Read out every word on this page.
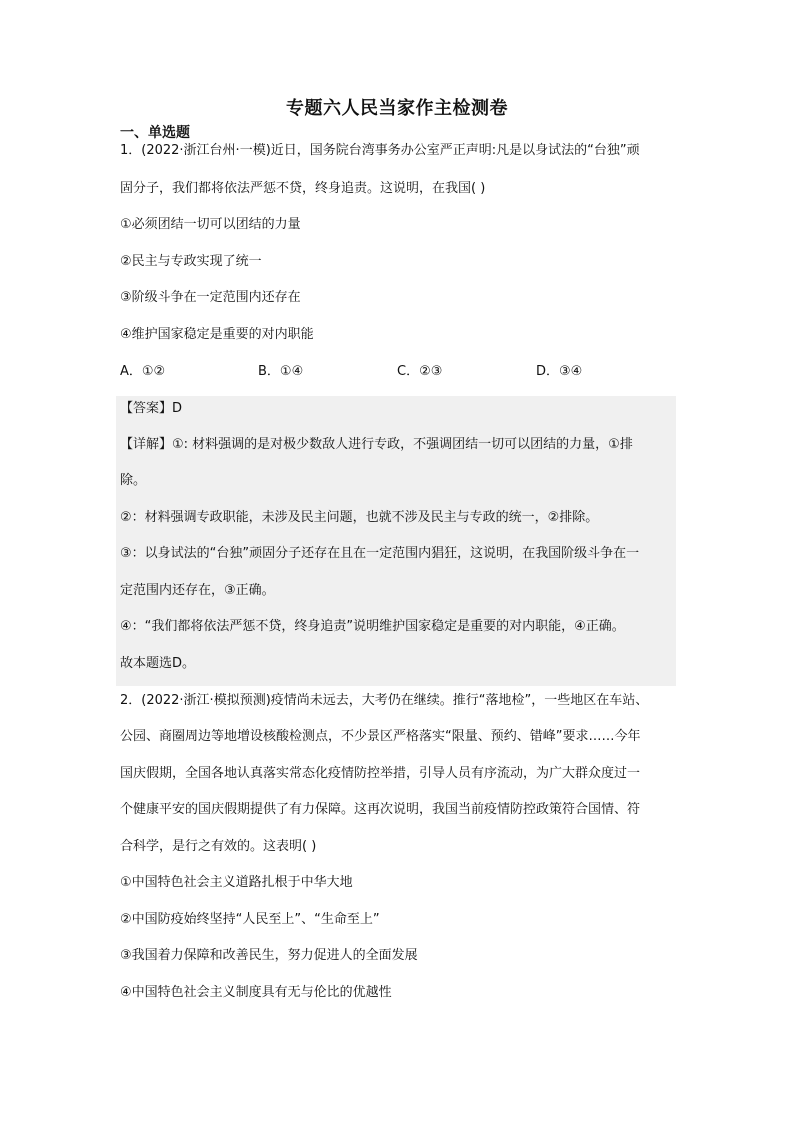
专题六人民当家作主检测卷
一、单选题
1．(2022·浙江台州·一模)近日，国务院台湾事务办公室严正声明:凡是以身试法的“台独”顽
固分子，我们都将依法严惩不贷，终身追责。这说明，在我国( )
①必须团结一切可以团结的力量
②民主与专政实现了统一
③阶级斗争在一定范围内还存在
④维护国家稳定是重要的对内职能
A．①②	B．①④	C．②③	D．③④
【答案】D
【详解】①: 材料强调的是对极少数敌人进行专政，不强调团结一切可以团结的力量，①排
除。
②：材料强调专政职能，未涉及民主问题，也就不涉及民主与专政的统一，②排除。
③：以身试法的“台独”顽固分子还存在且在一定范围内猖狂，这说明，在我国阶级斗争在一
定范围内还存在，③正确。
④：“我们都将依法严惩不贷，终身追责”说明维护国家稳定是重要的对内职能，④正确。
故本题选D。
2．(2022·浙江·模拟预测)疫情尚未远去，大考仍在继续。推行“落地检”，一些地区在车站、
公园、商圈周边等地增设核酸检测点，不少景区严格落实“限量、预约、错峰”要求……今年
国庆假期，全国各地认真落实常态化疫情防控举措，引导人员有序流动，为广大群众度过一
个健康平安的国庆假期提供了有力保障。这再次说明，我国当前疫情防控政策符合国情、符
合科学，是行之有效的。这表明( )
①中国特色社会主义道路扎根于中华大地
②中国防疫始终坚持“人民至上”、“生命至上”
③我国着力保障和改善民生，努力促进人的全面发展
④中国特色社会主义制度具有无与伦比的优越性
